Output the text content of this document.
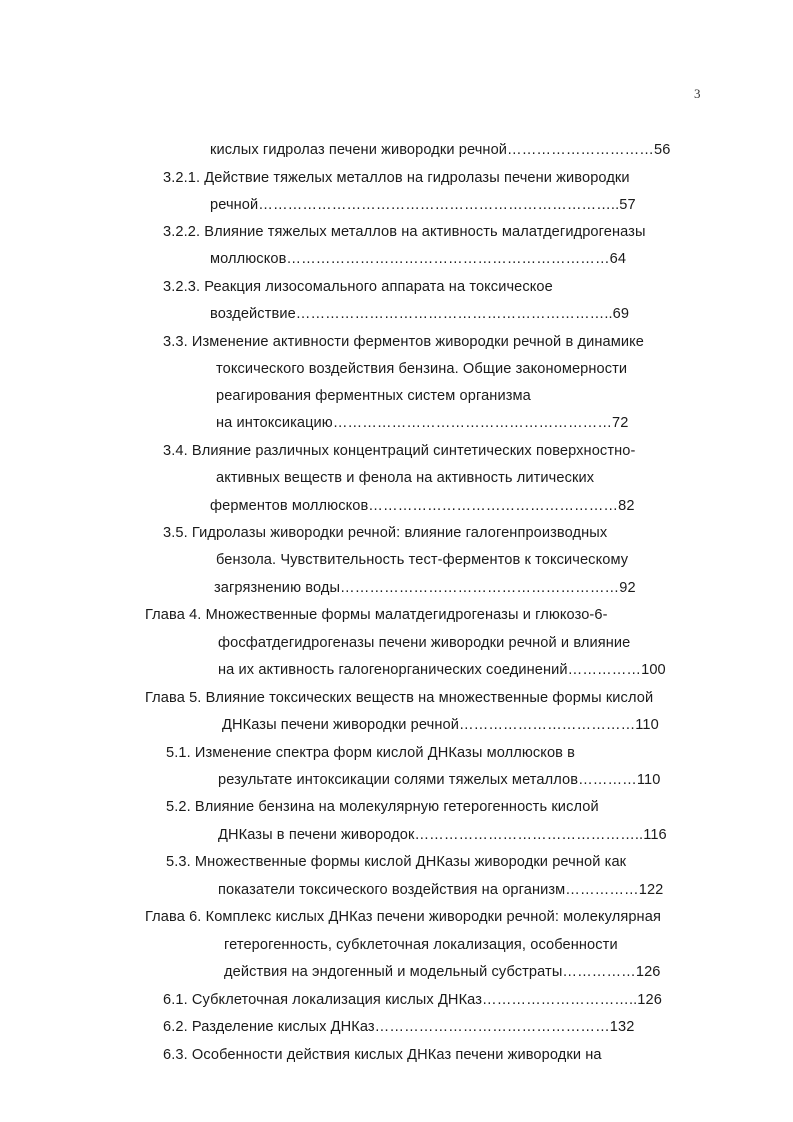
3
кислых гидролаз печени живородки речной…………………………56
3.2.1. Действие тяжелых металлов на гидролазы печени живородки
речной………………………………………………………………..57
3.2.2. Влияние тяжелых металлов на активность малатдегидрогеназы
моллюсков…………………………………………………………64
3.2.3. Реакция лизосомального аппарата на токсическое
воздействие………………………………………………………..69
3.3. Изменение активности ферментов живородки речной в динамике
токсического воздействия бензина. Общие закономерности
реагирования ферментных систем организма
на интоксикацию…………………………………………………72
3.4. Влияние различных концентраций синтетических поверхностно-
активных веществ и фенола на активность литических
ферментов моллюсков……………………………………………82
3.5. Гидролазы живородки речной: влияние галогенпроизводных
бензола. Чувствительность тест-ферментов к токсическому
загрязнению воды…………………………………………………92
Глава 4. Множественные формы малатдегидрогеназы и глюкозо-6-
фосфатдегидрогеназы печени живородки речной и влияние
на их активность галогенорганических соединений……………100
Глава 5. Влияние токсических веществ на множественные формы кислой
ДНКазы печени живородки речной………………………………110
5.1. Изменение спектра форм кислой ДНКазы моллюсков в
результате интоксикации солями тяжелых металлов…………110
5.2. Влияние бензина на молекулярную гетерогенность кислой
ДНКазы в печени живородок………………………………………..116
5.3. Множественные формы кислой ДНКазы живородки речной как
показатели токсического воздействия на организм……………122
Глава 6. Комплекс кислых ДНКаз печени живородки речной: молекулярная
гетерогенность, субклеточная локализация, особенности
действия на эндогенный и модельный субстраты……………126
6.1. Субклеточная локализация кислых ДНКаз…………………………..126
6.2. Разделение кислых ДНКаз…………………………………………132
6.3. Особенности действия кислых ДНКаз печени живородки на
